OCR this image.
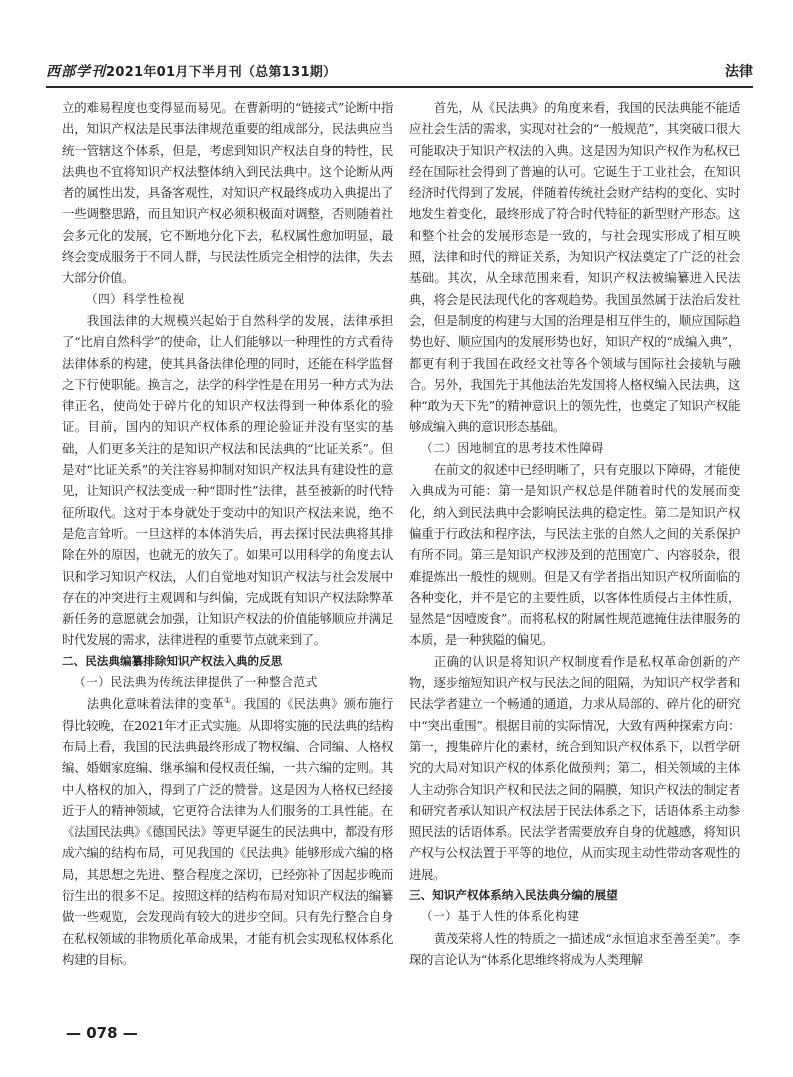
西部学刊2021年01月下半月刊（总第131期）	法律

立的难易程度也变得显而易见。在曹新明的“链接式”论断中指出，知识产权法是民事法律规范重要的组成部分，民法典应当统一管辖这个体系，但是，考虑到知识产权法自身的特性，民法典也不宜将知识产权法整体纳入到民法典中。这个论断从两者的属性出发，具备客观性，对知识产权最终成功入典提出了一些调整思路，而且知识产权必须积极面对调整，否则随着社会多元化的发展，它不断地分化下去，私权属性愈加明显，最终会变成服务于不同人群，与民法性质完全相悖的法律，失去大部分价值。

（四）科学性检视

我国法律的大规模兴起始于自然科学的发展，法律承担了“比肩自然科学”的使命，让人们能够以一种理性的方式看待法律体系的构建，使其具备法律伦理的同时，还能在科学监督之下行使职能。换言之，法学的科学性是在用另一种方式为法律正名，使尚处于碎片化的知识产权法得到一种体系化的验证。目前，国内的知识产权体系的理论验证并没有坚实的基础，人们更多关注的是知识产权法和民法典的“比证关系”。但是对“比证关系”的关注容易抑制对知识产权法具有建设性的意见，让知识产权法变成一种“即时性”法律，甚至被新的时代特征所取代。这对于本身就处于变动中的知识产权法来说，绝不是危言耸听。一旦这样的本体消失后，再去探讨民法典将其排除在外的原因，也就无的放矢了。如果可以用科学的角度去认识和学习知识产权法，人们自觉地对知识产权法与社会发展中存在的冲突进行主观调和与纠偏，完成既有知识产权法除弊革新任务的意愿就会加强，让知识产权法的价值能够顺应并满足时代发展的需求，法律进程的重要节点就来到了。

二、民法典编纂排除知识产权法入典的反思

（一）民法典为传统法律提供了一种整合范式

法典化意味着法律的变革①。我国的《民法典》颁布施行得比较晚，在2021年才正式实施。从即将实施的民法典的结构布局上看，我国的民法典最终形成了物权编、合同编、人格权编、婚姻家庭编、继承编和侵权责任编，一共六编的定则。其中人格权的加入，得到了广泛的赞誉。这是因为人格权已经接近于人的精神领域，它更符合法律为人们服务的工具性能。在《法国民法典》《德国民法》等更早诞生的民法典中，都没有形成六编的结构布局，可见我国的《民法典》能够形成六编的格局，其思想之先进、整合程度之深切，已经弥补了因起步晚而衍生出的很多不足。按照这样的结构布局对知识产权法的编纂做一些观览，会发现尚有较大的进步空间。只有先行整合自身在私权领域的非物质化革命成果，才能有机会实现私权体系化构建的目标。

首先，从《民法典》的角度来看，我国的民法典能不能适应社会生活的需求，实现对社会的“一般规范”，其突破口很大可能取决于知识产权法的入典。这是因为知识产权作为私权已经在国际社会得到了普遍的认可。它诞生于工业社会，在知识经济时代得到了发展，伴随着传统社会财产结构的变化、实时地发生着变化，最终形成了符合时代特征的新型财产形态。这和整个社会的发展形态是一致的，与社会现实形成了相互映照，法律和时代的辩证关系，为知识产权法奠定了广泛的社会基础。其次，从全球范围来看，知识产权法被编纂进入民法典，将会是民法现代化的客观趋势。我国虽然属于法治后发社会，但是制度的构建与大国的治理是相互伴生的，顺应国际趋势也好、顺应国内的发展形势也好，知识产权的“成编入典”，都更有利于我国在政经文社等各个领域与国际社会接轨与融合。另外，我国先于其他法治先发国将人格权编入民法典，这种“敢为天下先”的精神意识上的领先性，也奠定了知识产权能够成编入典的意识形态基础。

（二）因地制宜的思考技术性障碍

在前文的叙述中已经明晰了，只有克服以下障碍，才能使入典成为可能：第一是知识产权总是伴随着时代的发展而变化，纳入到民法典中会影响民法典的稳定性。第二是知识产权偏重于行政法和程序法，与民法主张的自然人之间的关系保护有所不同。第三是知识产权涉及到的范围宽广、内容驳杂，很难提炼出一般性的规则。但是又有学者指出知识产权所面临的各种变化，并不是它的主要性质，以客体性质侵占主体性质，显然是“因噎废食”。而将私权的附属性规范遮掩住法律服务的本质，是一种狭隘的偏见。

正确的认识是将知识产权制度看作是私权革命创新的产物，逐步缩短知识产权与民法之间的阻隔，为知识产权学者和民法学者建立一个畅通的通道，力求从局部的、碎片化的研究中“突出重围”。根据目前的实际情况，大致有两种探索方向：第一，搜集碎片化的素材，统合到知识产权体系下，以哲学研究的大局对知识产权的体系化做预判；第二，相关领域的主体人主动弥合知识产权和民法之间的隔膜，知识产权法的制定者和研究者承认知识产权法居于民法体系之下，话语体系主动参照民法的话语体系。民法学者需要放弃自身的优越感，将知识产权与公权法置于平等的地位，从而实现主动性带动客观性的进展。

三、知识产权体系纳入民法典分编的展望

（一）基于人性的体系化构建

黄茂荣将人性的特质之一描述成“永恒追求至善至美”。李琛的言论认为“体系化思维终将成为人类理解

— 078 —
